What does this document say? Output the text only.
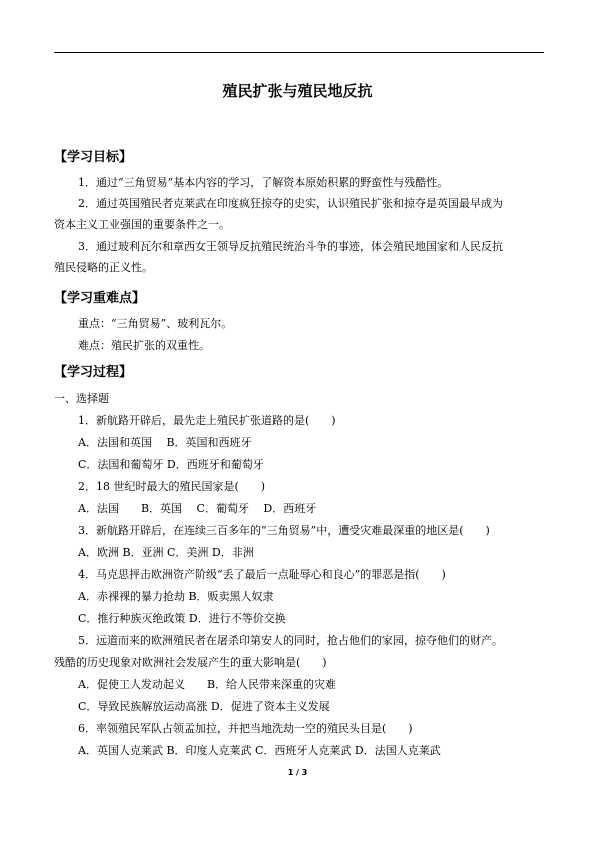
殖民扩张与殖民地反抗
【学习目标】
1．通过“三角贸易”基本内容的学习，了解资本原始积累的野蛮性与残酷性。
2．通过英国殖民者克莱武在印度疯狂掠夺的史实，认识殖民扩张和掠夺是英国最早成为
资本主义工业强国的重要条件之一。
3．通过玻利瓦尔和章西女王领导反抗殖民统治斗争的事迹，体会殖民地国家和人民反抗
殖民侵略的正义性。
【学习重难点】
重点：“三角贸易”、玻利瓦尔。
难点：殖民扩张的双重性。
【学习过程】
一、选择题
1．新航路开辟后，最先走上殖民扩张道路的是(　　)
A．法国和英国　 B．英国和西班牙
C．法国和葡萄牙 D．西班牙和葡萄牙
2．18 世纪时最大的殖民国家是(　　)
A．法国　　B．英国　 C．葡萄牙　 D．西班牙
3．新航路开辟后，在连续三百多年的“三角贸易”中，遭受灾难最深重的地区是(　　)
A．欧洲 B．亚洲 C．美洲 D．非洲
4．马克思抨击欧洲资产阶级“丢了最后一点耻辱心和良心”的罪恶是指(　　)
A．赤裸裸的暴力抢劫 B．贩卖黑人奴隶
C．推行种族灭绝政策 D．进行不等价交换
5．远道而来的欧洲殖民者在屠杀印第安人的同时，抢占他们的家园，掠夺他们的财产。
残酷的历史现象对欧洲社会发展产生的重大影响是(　　)
A．促使工人发动起义　　B．给人民带来深重的灾难
C．导致民族解放运动高涨 D．促进了资本主义发展
6．率领殖民军队占领孟加拉，并把当地洗劫一空的殖民头目是(　　)
A．英国人克莱武 B．印度人克莱武 C．西班牙人克莱武 D．法国人克莱武
1 / 3
